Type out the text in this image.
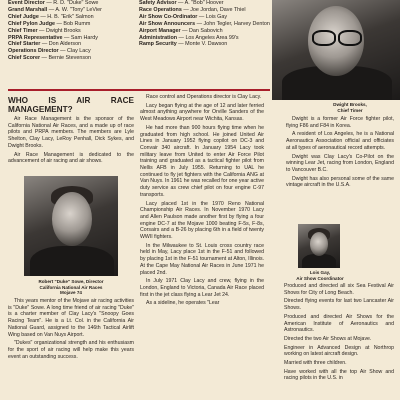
Event Director — R. D. "Duke" Sowe
Grand Marshall — A. W. "Tony" LeVier
Chief Judge — H. B. "Erik" Salmon
Chief Pylon Judge — Bob Rumm
Chief Timer — Dwight Brooks
PRPA Representative — Sam Hardy
Chief Starter — Don Alderson
Operations Director — Clay Lacy
Chief Scorer — Bernie Stevenson
Safety Advisor — A. "Bob" Hoover
Race Operations — Joe Jordan, Dave Thiel
Air Show Co-Ordinator — Lois Gay
Air Show Announcers — John Tegler, Harvey Denton
Airport Manager — Dan Sabovich
Administration — Los Angeles Area 99's
Ramp Security — Monte V. Dawson

WHO IS AIR RACE MANAGEMENT?

Air Race Management is the sponsor of the California National Air Races, and a made up of race pilots and PRPA members. The members are Lyle Shelton, Clay Lacy, LeRoy Penhall, Dick Sykes, and Dwight Brooks.

Air Race Management is dedicated to the advancement of air racing and air shows.

Robert "Duke" Sowe, Director
California National Air Races
Mojave 74

This years mentor of the Mojave air racing activities is "Duke" Sowe. A long time friend of air racing "Duke" is a charter member of Clay Lacy's "Snoopy Goes Racing Team". He is a Lt. Col. in the California Air National Guard, assigned to the 146th Tactical Airlift Wing based on Van Nuys Airport.

"Dukes" organizational strength and his enthusiasm for the sport of air racing will help make this years event an outstanding success.

Race control and Operations director is Clay Lacy.

Lacy began flying at the age of 12 and later ferried almost anything anywhere for Orville Sanders of the West Meadows Airport near Wichita, Kansas.

He had more than 900 hours flying time when he graduated from high school. He joined United Air Lines in January 1952 flying copilot on DC-3 and Convair 340 aircraft. In January 1954 Lacy took military leave from United to enter Air Force Pilot training and graduated as a tactical fighter pilot from Nellis AFB in July 1955. Returning to UAL he continued to fly jet fighters with the California ANG at Van Nuys. In 1961 he was recalled for one year active duty service as crew chief pilot on four engine C-97 transports.

Lacy placed 1st in the 1970 Reno National Championship Air Races. In November 1970 Lacy and Allen Paulson made another first by flying a four engine DC-7 at the Mojave 1000 beating F-5s, F-8s, Corsairs and a B-26 by placing 6th in a field of twenty WWII fighters.

In the Milwaukee to St. Louis cross country race held in May, Lacy place 1st in the F-51 and followed by placing 1st in the F-51 tournament at Alton, Illinois. At the Cape May National Air Races in June 1971 he placed 2nd.

In July 1971 Clay Lacy and crew, flying in the London, England to Victoria, Canada Air Race placed first in the jet class flying a Lear Jet 24.

As a sideline, he operates "Lear

Dwight Brooks,
Chief Timer

Dwight is a former Air Force fighter pilot, flying F86 and F84 in Korea.

A resident of Los Angeles, he is a National Aeronautics Association official and officiates at all types of aeronautical record attempts.

Dwight was Clay Lacy's Co-Pilot on the winning Lear Jet, racing from London, England to Vancouver B.C.

Dwight has also personal some of the same vintage aircraft in the U.S.A.

Lois Gay,
Air Show Coordinator

Produced and directed all six Sea Festival Air Shows for City of Long Beach.

Directed flying events for last two Lancaster Air Shows.

Produced and directed Air Shows for the American Institute of Aeronautics and Astronautics.

Directed the two Air Shows at Mojave.

Engineer in Advanced Design at Northrop working on latest aircraft design.

Married with three children.

Have worked with all the top Air Show and racing pilots in the U.S. in
